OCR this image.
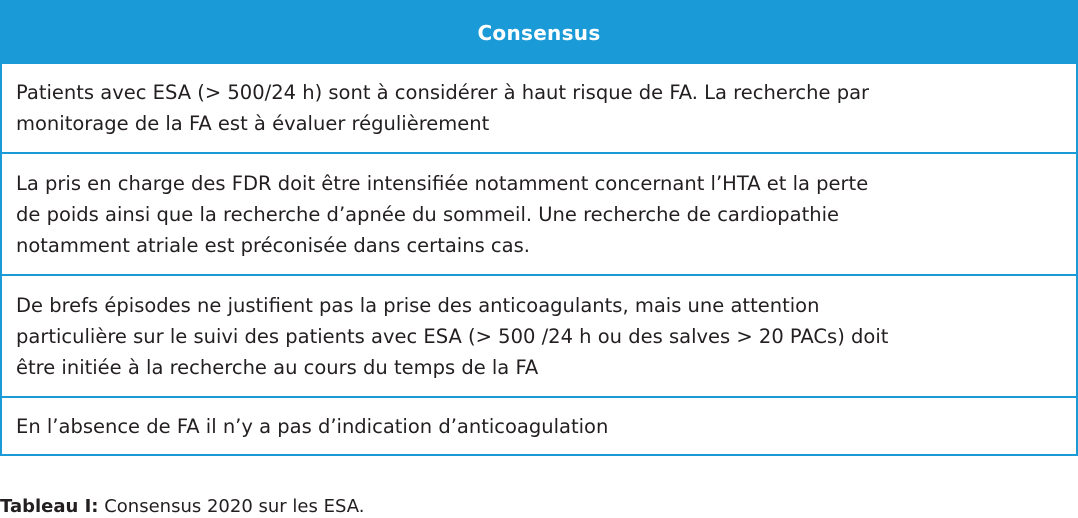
Consensus
Patients avec ESA (> 500/24 h) sont à considérer à haut risque de FA. La recherche par
monitorage de la FA est à évaluer régulièrement
La pris en charge des FDR doit être intensifiée notamment concernant l’HTA et la perte
de poids ainsi que la recherche d’apnée du sommeil. Une recherche de cardiopathie
notamment atriale est préconisée dans certains cas.
De brefs épisodes ne justifient pas la prise des anticoagulants, mais une attention
particulière sur le suivi des patients avec ESA (> 500 /24 h ou des salves > 20 PACs) doit
être initiée à la recherche au cours du temps de la FA
En l’absence de FA il n’y a pas d’indication d’anticoagulation
Tableau I: Consensus 2020 sur les ESA.
